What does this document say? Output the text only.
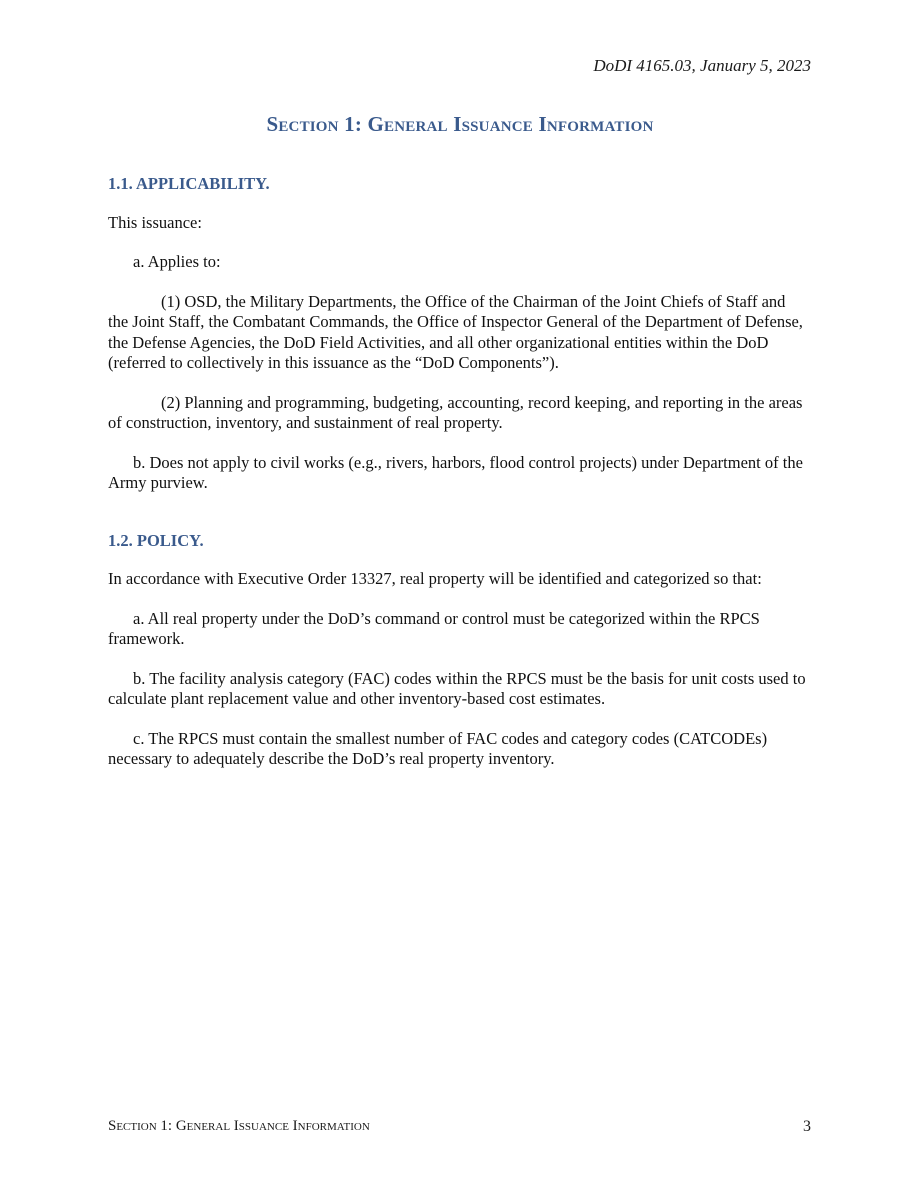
DoDI 4165.03, January 5, 2023
Section 1: General Issuance Information
1.1. APPLICABILITY.

This issuance:

a. Applies to:

(1) OSD, the Military Departments, the Office of the Chairman of the Joint Chiefs of Staff and the Joint Staff, the Combatant Commands, the Office of Inspector General of the Department of Defense, the Defense Agencies, the DoD Field Activities, and all other organizational entities within the DoD (referred to collectively in this issuance as the “DoD Components”).

(2) Planning and programming, budgeting, accounting, record keeping, and reporting in the areas of construction, inventory, and sustainment of real property.

b. Does not apply to civil works (e.g., rivers, harbors, flood control projects) under Department of the Army purview.

1.2. POLICY.

In accordance with Executive Order 13327, real property will be identified and categorized so that:

a. All real property under the DoD’s command or control must be categorized within the RPCS framework.

b. The facility analysis category (FAC) codes within the RPCS must be the basis for unit costs used to calculate plant replacement value and other inventory-based cost estimates.

c. The RPCS must contain the smallest number of FAC codes and category codes (CATCODEs) necessary to adequately describe the DoD’s real property inventory.

Section 1: General Issuance Information	3
